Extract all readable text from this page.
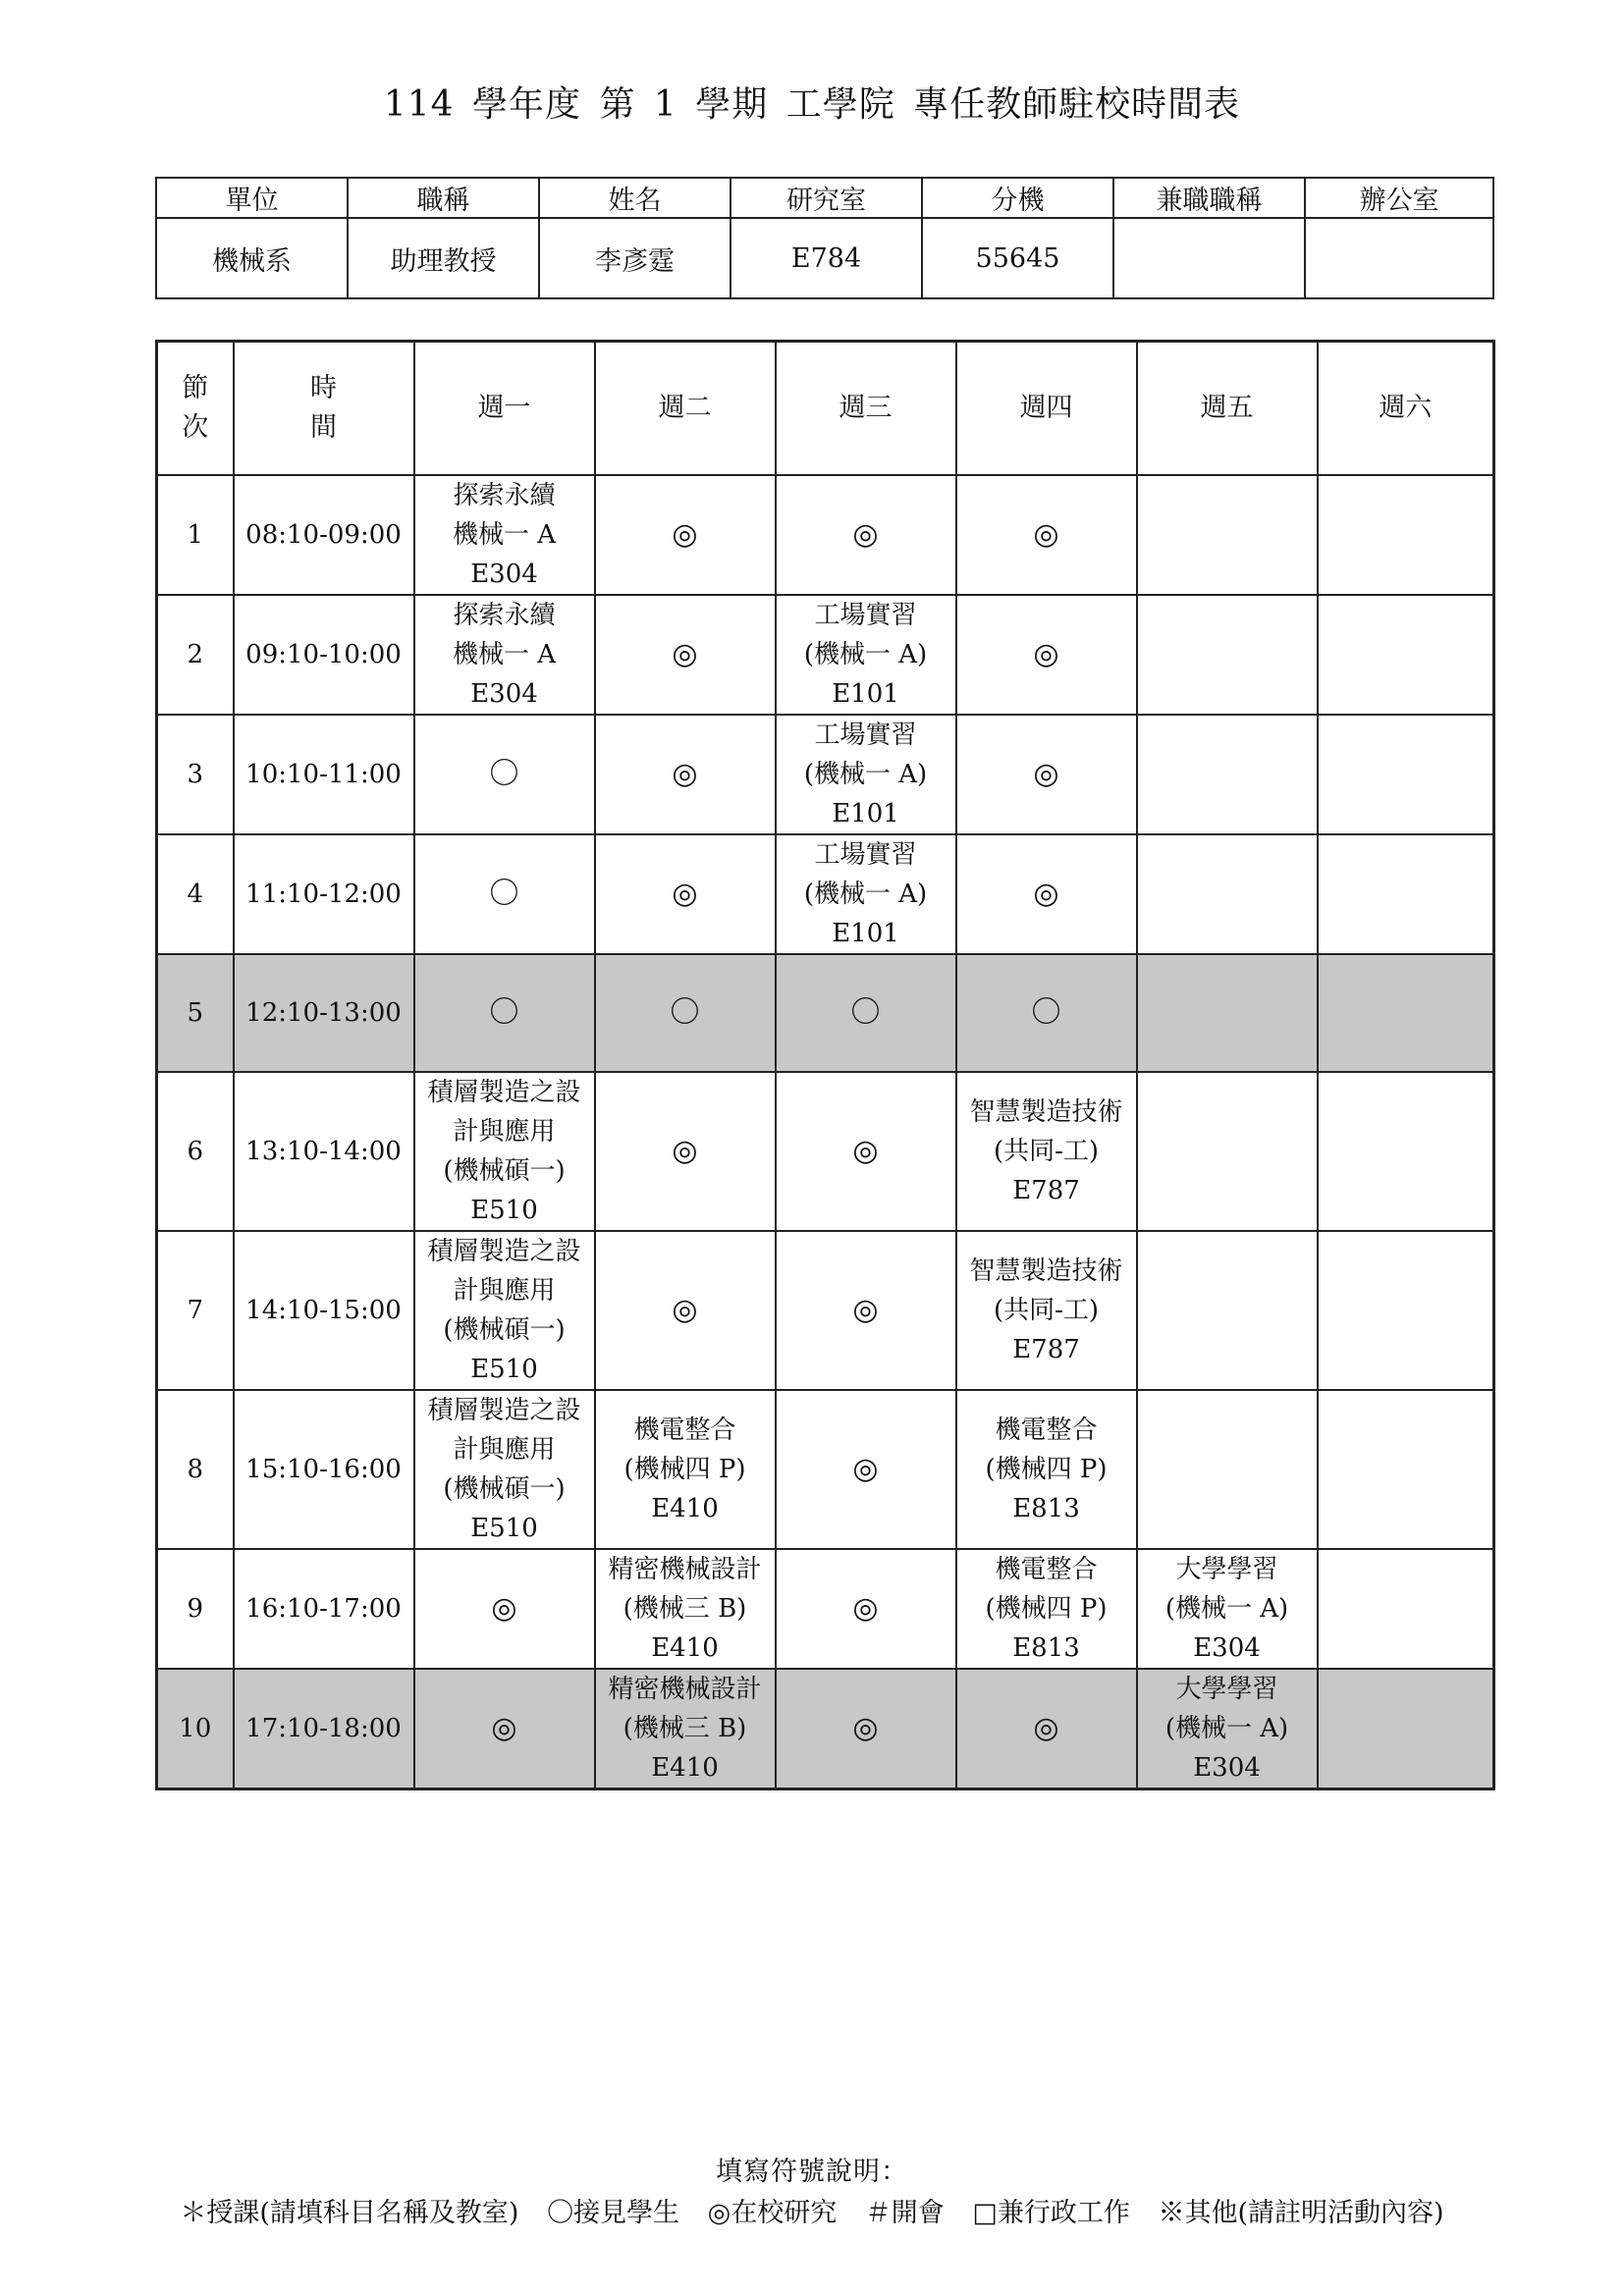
114 學年度 第 1 學期 工學院 專任教師駐校時間表
單位	職稱	姓名	研究室	分機	兼職職稱	辦公室
機械系	助理教授	李彥霆	E784	55645		
節次	時間	週一	週二	週三	週四	週五	週六
1	08:10-09:00	探索永續
機械一 A
E304	◎	◎	◎		

2	09:10-10:00	探索永續
機械一 A
E304	◎	工場實習
(機械一 A)
E101	◎		

3	10:10-11:00	〇	◎	工場實習
(機械一 A)
E101	◎		

4	11:10-12:00	〇	◎	工場實習
(機械一 A)
E101	◎		

5	12:10-13:00	〇	〇	〇	〇		

6	13:10-14:00	積層製造之設
計與應用
(機械碩一)
E510	◎	◎	智慧製造技術
(共同-工)
E787		

7	14:10-15:00	積層製造之設
計與應用
(機械碩一)
E510	◎	◎	智慧製造技術
(共同-工)
E787		

8	15:10-16:00	積層製造之設
計與應用
(機械碩一)
E510	機電整合
(機械四 P)
E410	◎	機電整合
(機械四 P)
E813		

9	16:10-17:00	◎	精密機械設計
(機械三 B)
E410	◎	機電整合
(機械四 P)
E813	大學學習
(機械一 A)
E304	

10	17:10-18:00	◎	精密機械設計
(機械三 B)
E410	◎	◎	大學學習
(機械一 A)
E304	

填寫符號說明：
＊授課(請填科目名稱及教室) 〇接見學生 ◎在校研究 ＃開會 □兼行政工作 ※其他(請註明活動內容)
